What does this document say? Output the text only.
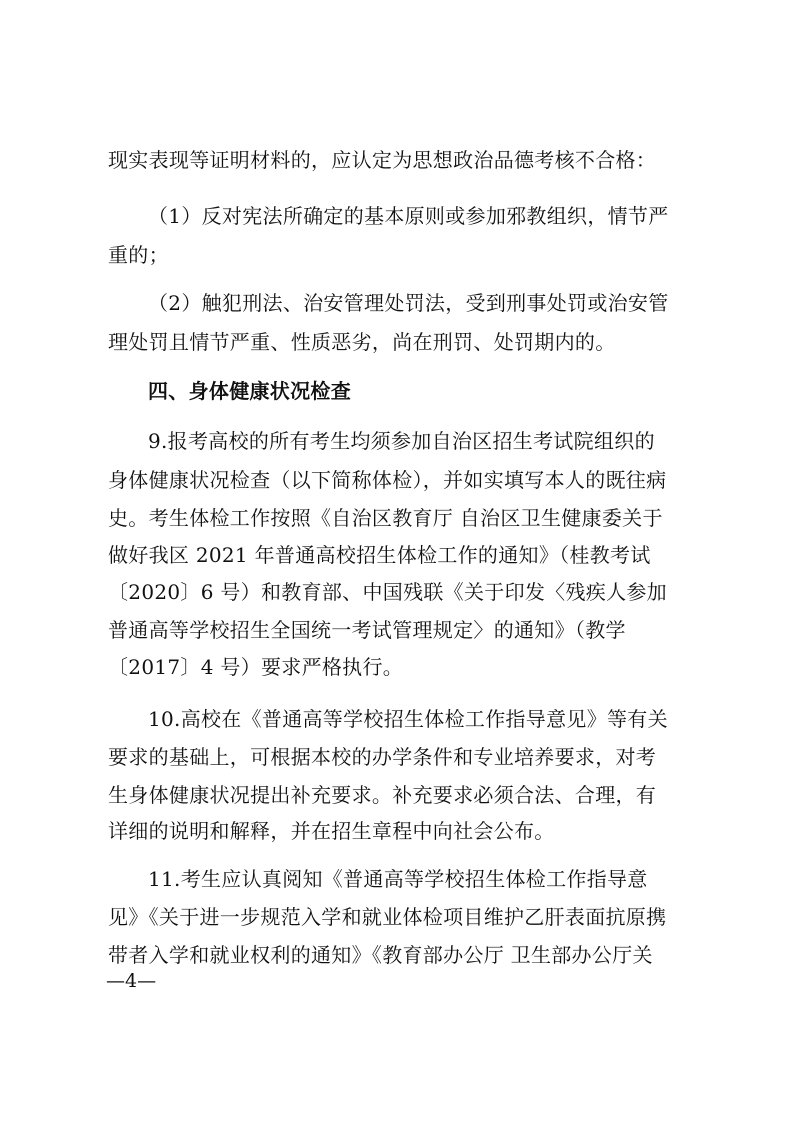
现实表现等证明材料的，应认定为思想政治品德考核不合格：
（1）反对宪法所确定的基本原则或参加邪教组织，情节严
重的；
（2）触犯刑法、治安管理处罚法，受到刑事处罚或治安管
理处罚且情节严重、性质恶劣，尚在刑罚、处罚期内的。
四、身体健康状况检查
9.报考高校的所有考生均须参加自治区招生考试院组织的
身体健康状况检查（以下简称体检），并如实填写本人的既往病
史。考生体检工作按照《自治区教育厅 自治区卫生健康委关于
做好我区 2021 年普通高校招生体检工作的通知》（桂教考试
〔2020〕6 号）和教育部、中国残联《关于印发〈残疾人参加
普通高等学校招生全国统一考试管理规定〉的通知》（教学
〔2017〕4 号）要求严格执行。
10.高校在《普通高等学校招生体检工作指导意见》等有关
要求的基础上，可根据本校的办学条件和专业培养要求，对考
生身体健康状况提出补充要求。补充要求必须合法、合理，有
详细的说明和解释，并在招生章程中向社会公布。
11.考生应认真阅知《普通高等学校招生体检工作指导意
见》《关于进一步规范入学和就业体检项目维护乙肝表面抗原携
带者入学和就业权利的通知》《教育部办公厅 卫生部办公厅关
—4—
